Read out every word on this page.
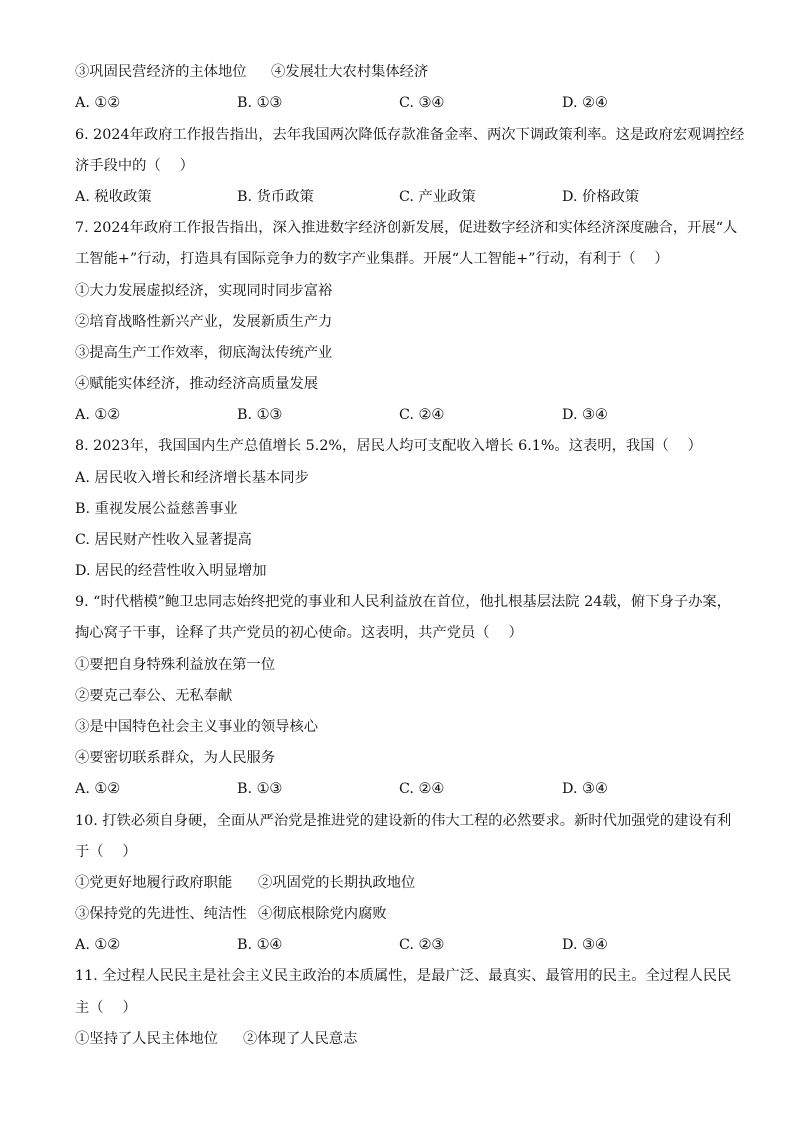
③巩固民营经济的主体地位 ④发展壮大农村集体经济
A. ①②	B. ①③	C. ③④	D. ②④
6. 2024年政府工作报告指出，去年我国两次降低存款准备金率、两次下调政策利率。这是政府宏观调控经
济手段中的（　 ）
A. 税收政策	B. 货币政策	C. 产业政策	D. 价格政策
7. 2024年政府工作报告指出，深入推进数字经济创新发展，促进数字经济和实体经济深度融合，开展“人
工智能+”行动，打造具有国际竞争力的数字产业集群。开展“人工智能+”行动，有利于（　 ）
①大力发展虚拟经济，实现同时同步富裕
②培育战略性新兴产业，发展新质生产力
③提高生产工作效率，彻底淘汰传统产业
④赋能实体经济，推动经济高质量发展
A. ①②	B. ①③	C. ②④	D. ③④
8. 2023年，我国国内生产总值增长 5.2%，居民人均可支配收入增长 6.1%。这表明，我国（　 ）
A. 居民收入增长和经济增长基本同步
B. 重视发展公益慈善事业
C. 居民财产性收入显著提高
D. 居民的经营性收入明显增加
9. “时代楷模”鲍卫忠同志始终把党的事业和人民利益放在首位，他扎根基层法院 24载，俯下身子办案，
掏心窝子干事，诠释了共产党员的初心使命。这表明，共产党员（　 ）
①要把自身特殊利益放在第一位
②要克己奉公、无私奉献
③是中国特色社会主义事业的领导核心
④要密切联系群众，为人民服务
A. ①②	B. ①③	C. ②④	D. ③④
10. 打铁必须自身硬，全面从严治党是推进党的建设新的伟大工程的必然要求。新时代加强党的建设有利
于（　 ）
①党更好地履行政府职能 ②巩固党的长期执政地位
③保持党的先进性、纯洁性 ④彻底根除党内腐败
A. ①②	B. ①④	C. ②③	D. ③④
11. 全过程人民民主是社会主义民主政治的本质属性，是最广泛、最真实、最管用的民主。全过程人民民
主（　 ）
①坚持了人民主体地位 ②体现了人民意志
